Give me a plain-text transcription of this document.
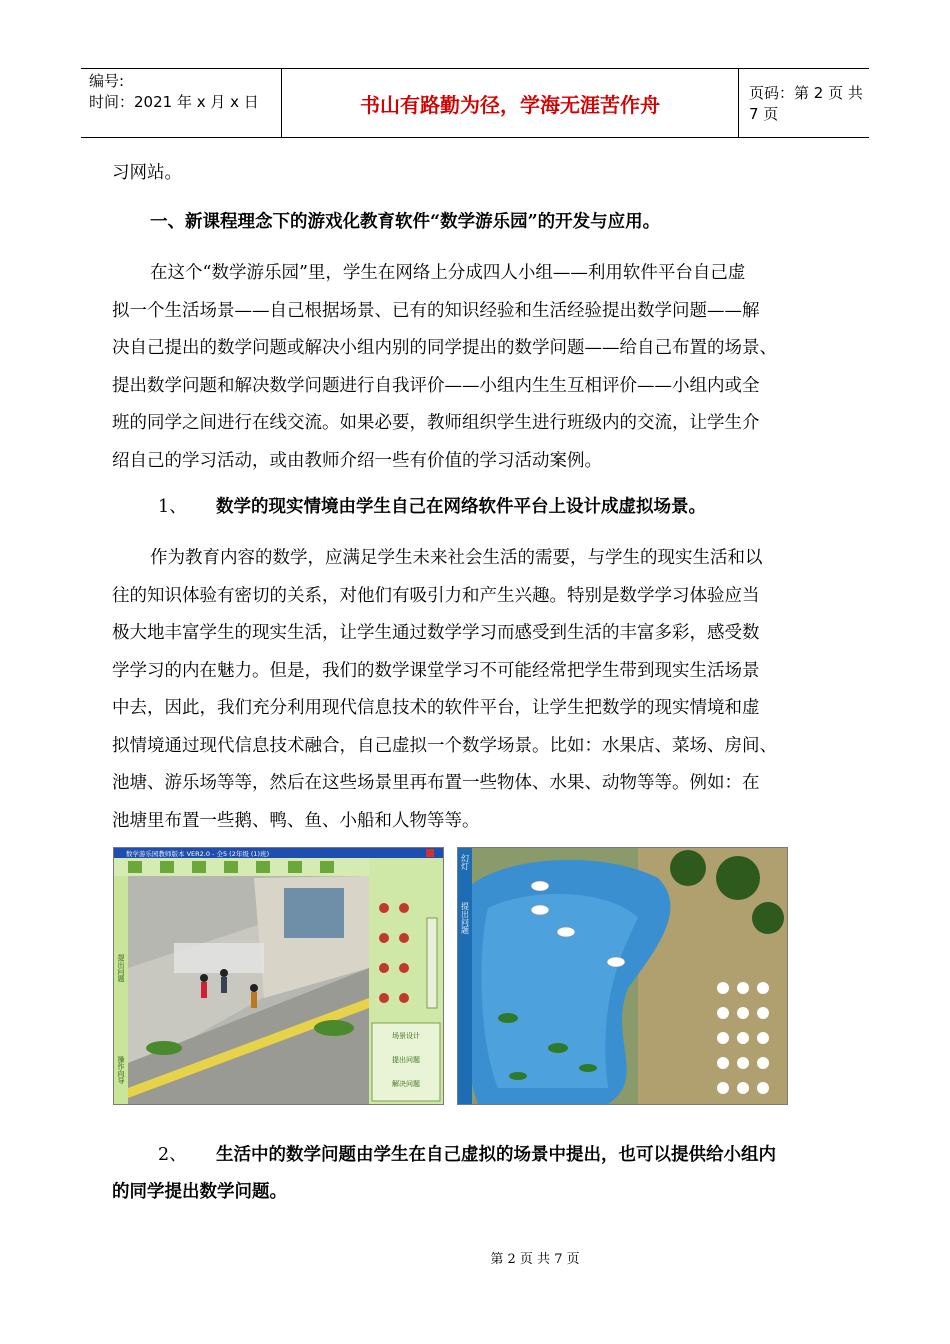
编号:
时间：2021 年 x 月 x 日	书山有路勤为径，学海无涯苦作舟	页码：第 2 页 共 7 页
习网站。
一、新课程理念下的游戏化教育软件“数学游乐园”的开发与应用。
在这个“数学游乐园”里，学生在网络上分成四人小组——利用软件平台自己虚
拟一个生活场景——自己根据场景、已有的知识经验和生活经验提出数学问题——解
决自己提出的数学问题或解决小组内别的同学提出的数学问题——给自己布置的场景、
提出数学问题和解决数学问题进行自我评价——小组内生生互相评价——小组内或全
班的同学之间进行在线交流。如果必要，教师组织学生进行班级内的交流，让学生介
绍自己的学习活动，或由教师介绍一些有价值的学习活动案例。
1、 数学的现实情境由学生自己在网络软件平台上设计成虚拟场景。
作为教育内容的数学，应满足学生未来社会生活的需要，与学生的现实生活和以
往的知识体验有密切的关系，对他们有吸引力和产生兴趣。特别是数学学习体验应当
极大地丰富学生的现实生活，让学生通过数学学习而感受到生活的丰富多彩，感受数
学学习的内在魅力。但是，我们的数学课堂学习不可能经常把学生带到现实生活场景
中去，因此，我们充分利用现代信息技术的软件平台，让学生把数学的现实情境和虚
拟情境通过现代信息技术融合，自己虚拟一个数学场景。比如：水果店、菜场、房间、
池塘、游乐场等等，然后在这些场景里再布置一些物体、水果、动物等等。例如：在
池塘里布置一些鹅、鸭、鱼、小船和人物等等。
数学游乐园教师版本 VER2.0 - 全5 (2年级 (1)班)
提出问题
操作向导
场景设计
提出问题
解决问题
幻灯
提出问题
2、 生活中的数学问题由学生在自己虚拟的场景中提出，也可以提供给小组内
的同学提出数学问题。
第 2 页 共 7 页
